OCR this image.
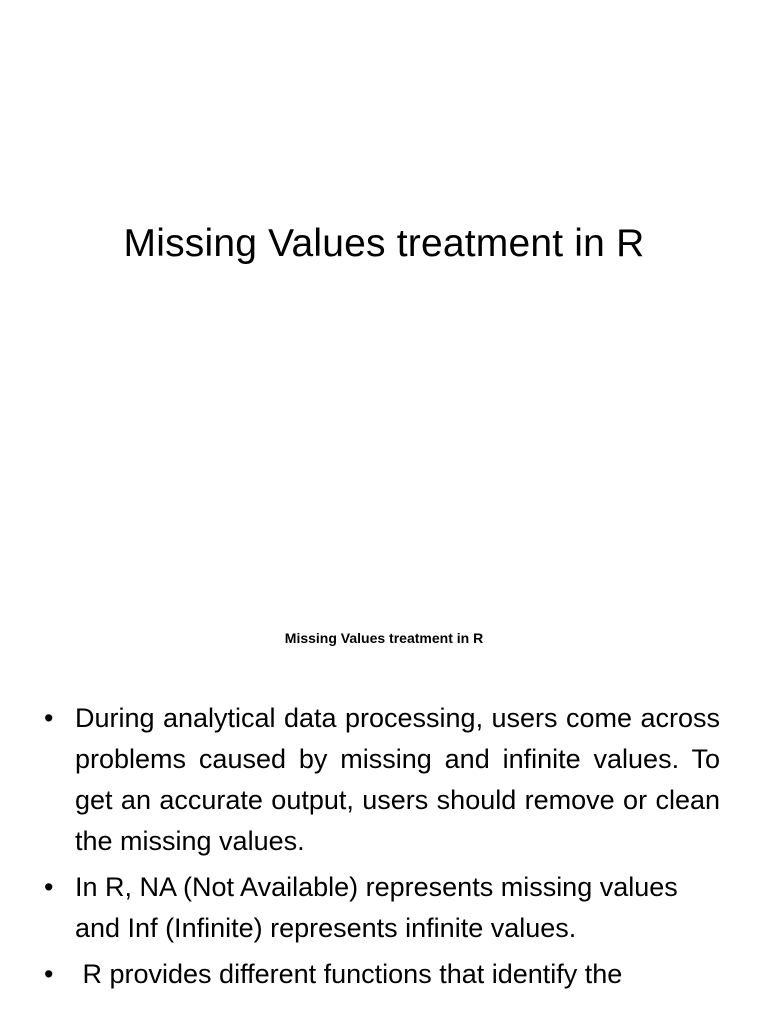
Missing Values treatment in R
Missing Values treatment in R
• During analytical data processing, users come across problems caused by missing and infinite values. To get an accurate output, users should remove or clean the missing values.
• In R, NA (Not Available) represents missing values and Inf (Infinite) represents infinite values.
• R provides different functions that identify the
